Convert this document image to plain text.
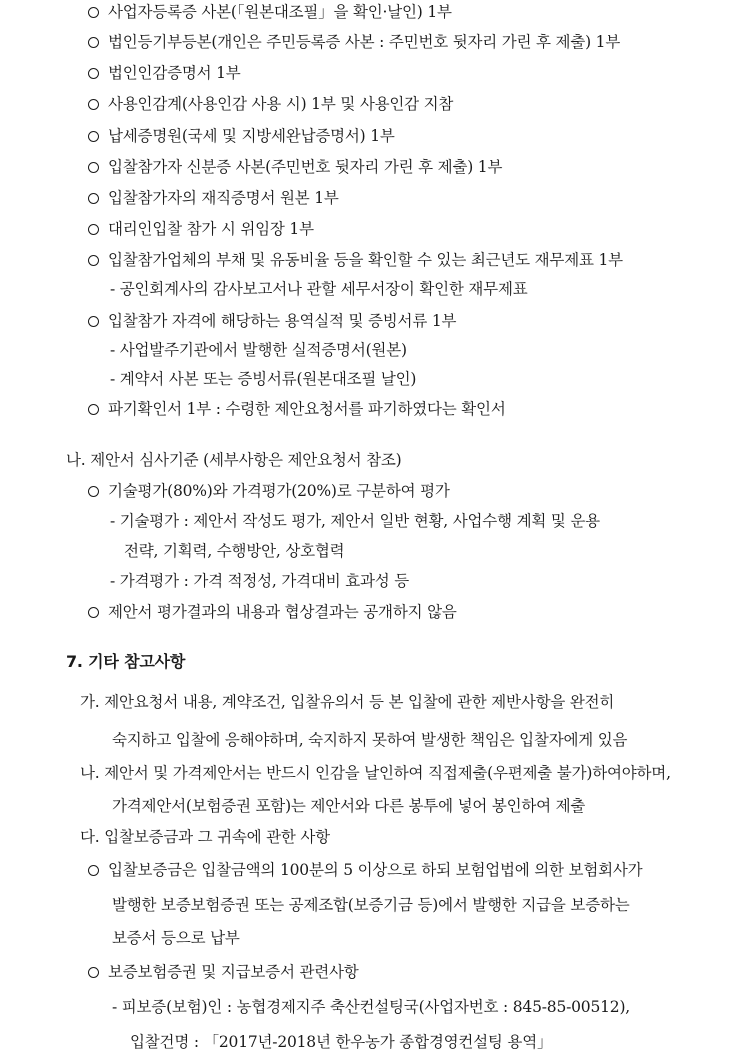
사업자등록증 사본(「원본대조필」을 확인·날인) 1부
법인등기부등본(개인은 주민등록증 사본 : 주민번호 뒷자리 가린 후 제출) 1부
법인인감증명서 1부
사용인감계(사용인감 사용 시) 1부 및 사용인감 지참
납세증명원(국세 및 지방세완납증명서) 1부
입찰참가자 신분증 사본(주민번호 뒷자리 가린 후 제출) 1부
입찰참가자의 재직증명서 원본 1부
대리인입찰 참가 시 위임장 1부
입찰참가업체의 부채 및 유동비율 등을 확인할 수 있는 최근년도 재무제표 1부
- 공인회계사의 감사보고서나 관할 세무서장이 확인한 재무제표
입찰참가 자격에 해당하는 용역실적 및 증빙서류 1부
- 사업발주기관에서 발행한 실적증명서(원본)
- 계약서 사본 또는 증빙서류(원본대조필 날인)
파기확인서 1부 : 수령한 제안요청서를 파기하였다는 확인서
나. 제안서 심사기준 (세부사항은 제안요청서 참조)
기술평가(80%)와 가격평가(20%)로 구분하여 평가
- 기술평가 : 제안서 작성도 평가, 제안서 일반 현황, 사업수행 계획 및 운용
전략, 기획력, 수행방안, 상호협력
- 가격평가 : 가격 적정성, 가격대비 효과성 등
제안서 평가결과의 내용과 협상결과는 공개하지 않음
7. 기타 참고사항
가. 제안요청서 내용, 계약조건, 입찰유의서 등 본 입찰에 관한 제반사항을 완전히
숙지하고 입찰에 응해야하며, 숙지하지 못하여 발생한 책임은 입찰자에게 있음
나. 제안서 및 가격제안서는 반드시 인감을 날인하여 직접제출(우편제출 불가)하여야하며,
가격제안서(보험증권 포함)는 제안서와 다른 봉투에 넣어 봉인하여 제출
다. 입찰보증금과 그 귀속에 관한 사항
입찰보증금은 입찰금액의 100분의 5 이상으로 하되 보험업법에 의한 보험회사가
발행한 보증보험증권 또는 공제조합(보증기금 등)에서 발행한 지급을 보증하는
보증서 등으로 납부
보증보험증권 및 지급보증서 관련사항
- 피보증(보험)인 : 농협경제지주 축산컨설팅국(사업자번호 : 845-85-00512),
입찰건명 : 「2017년-2018년 한우농가 종합경영컨설팅 용역」
